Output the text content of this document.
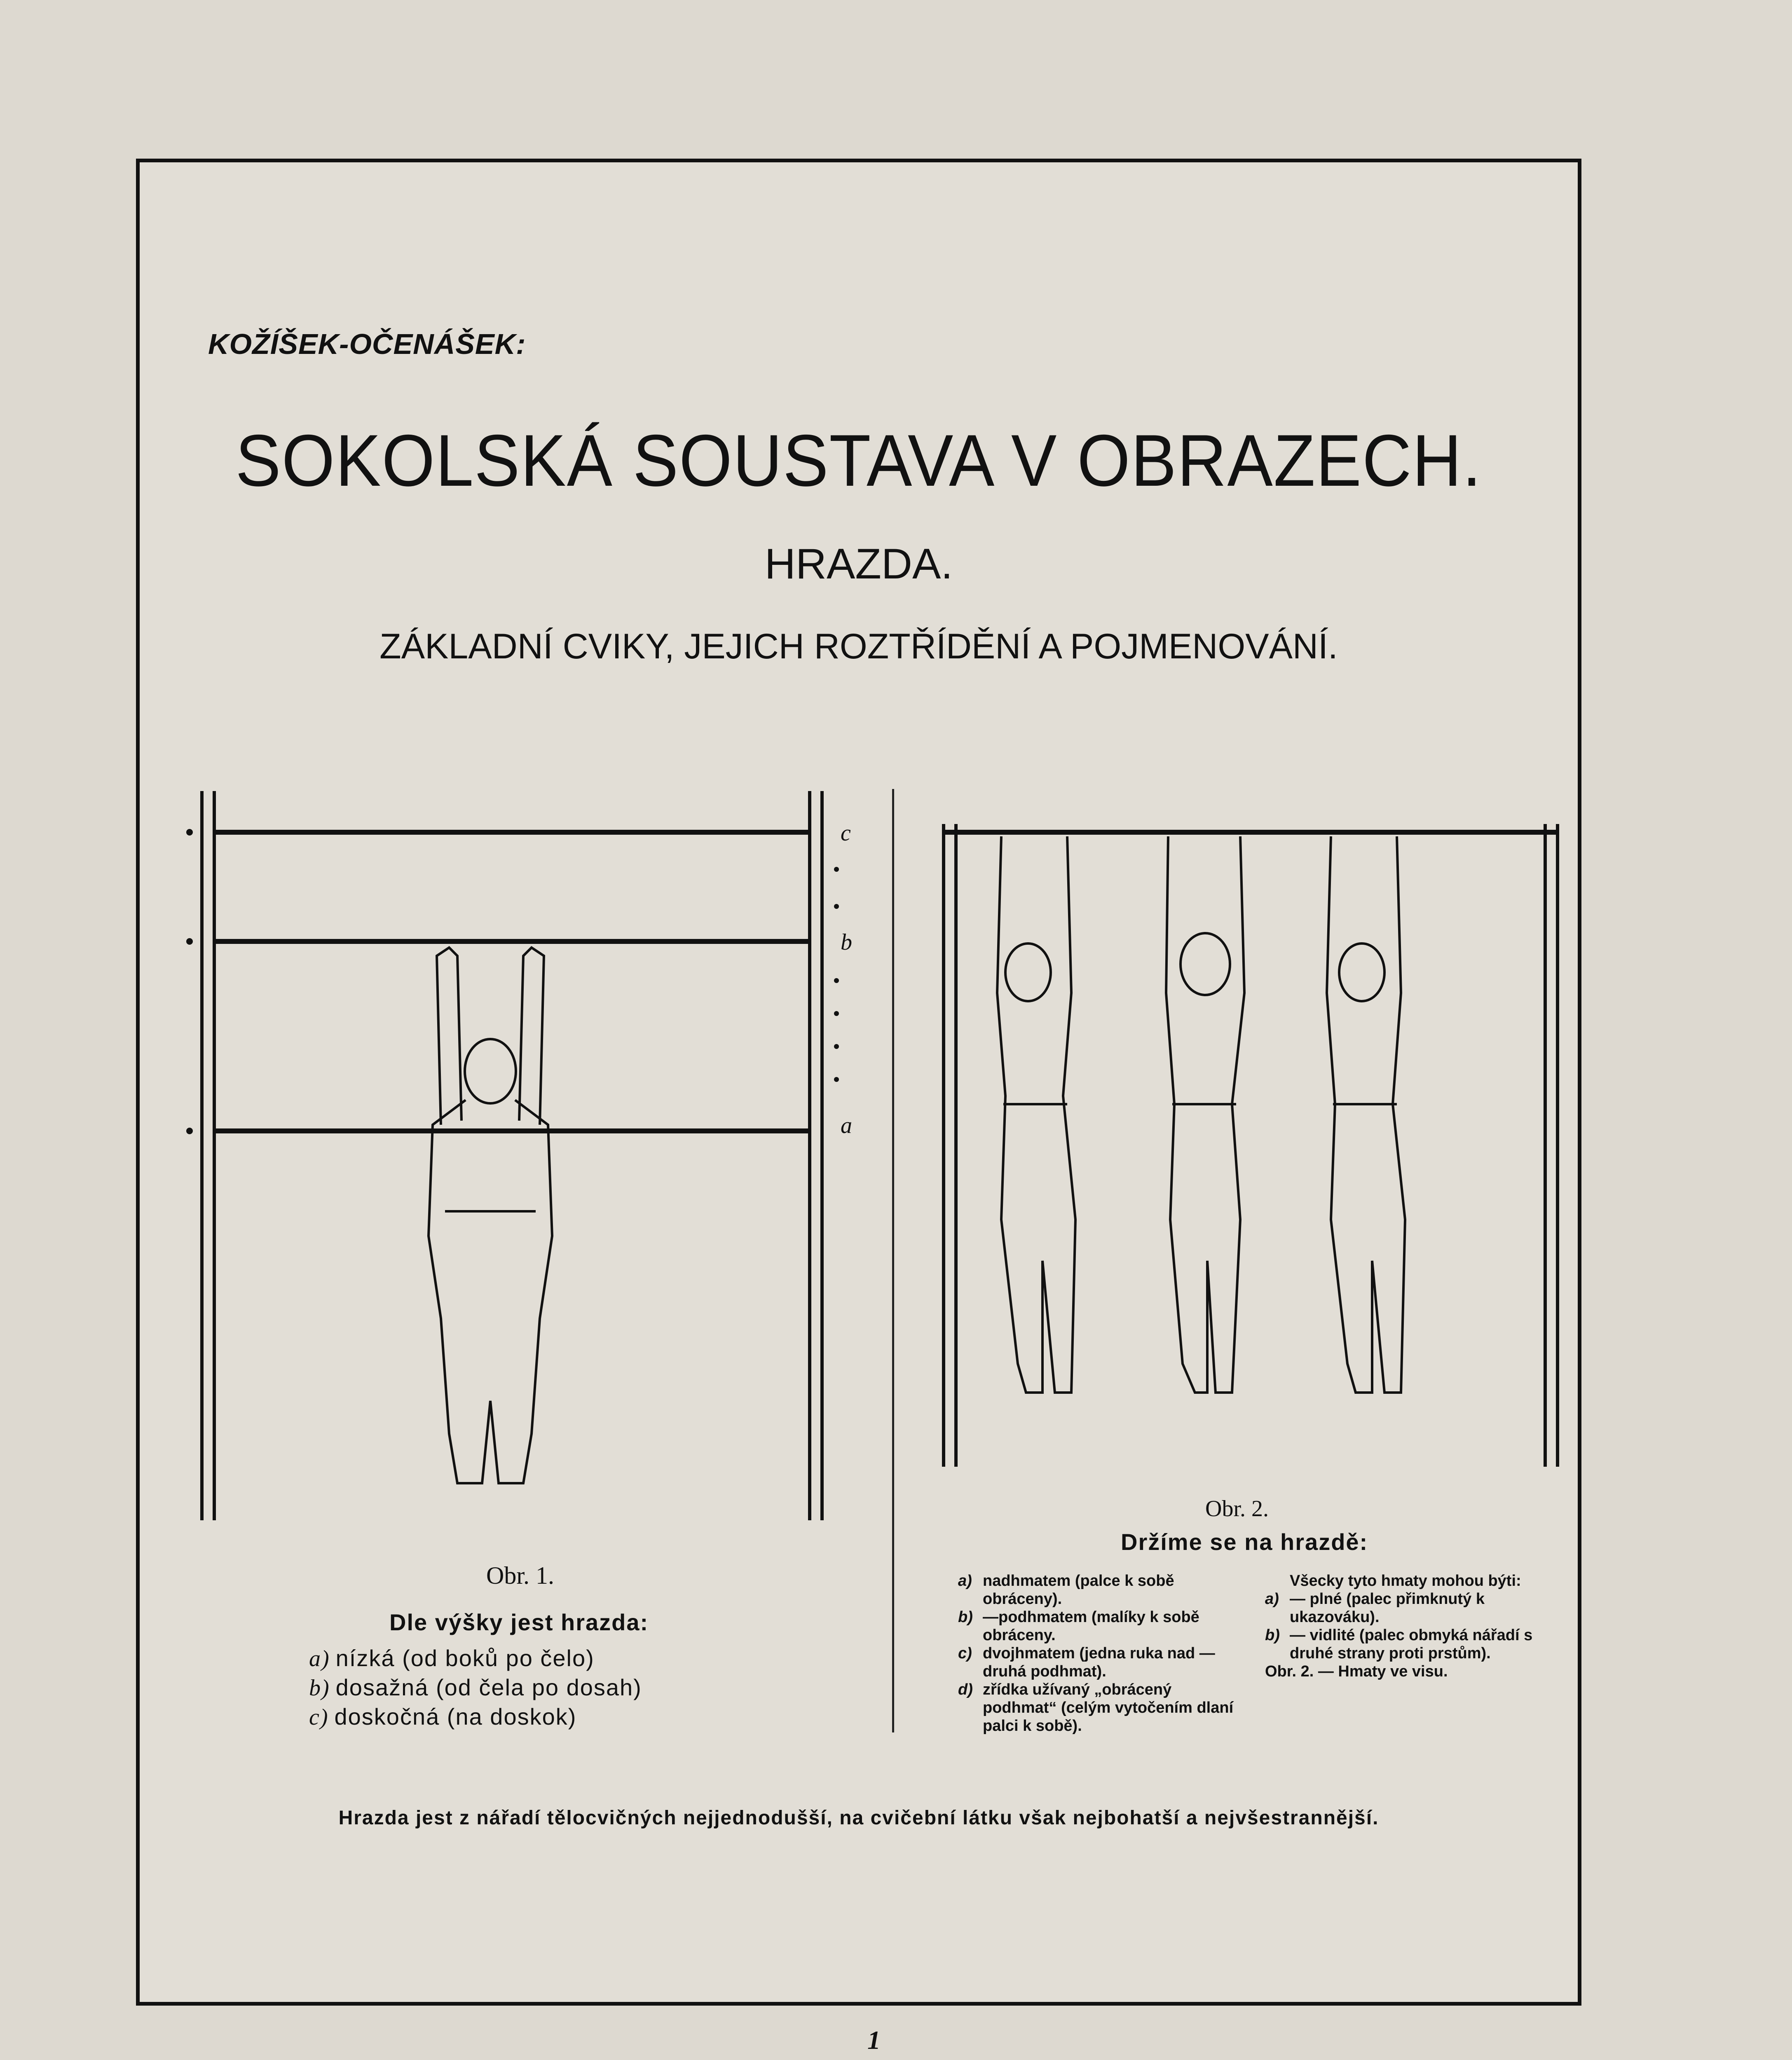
KOŽÍŠEK-OČENÁŠEK:
SOKOLSKÁ SOUSTAVA V OBRAZECH.
HRAZDA.
ZÁKLADNÍ CVIKY, JEJICH ROZTŘÍDĚNÍ A POJMENOVÁNÍ.
c
b
a
Obr. 1.
Dle výšky jest hrazda:
a) nízká (od boků po čelo)
b) dosažná (od čela po dosah)
c) doskočná (na doskok)
Obr. 2.
Držíme se na hrazdě:
a) nadhmatem (palce k sobě obráceny).
b) —podhmatem (malíky k sobě obráceny.
c) dvojhmatem (jedna ruka nad — druhá podhmat).
d) zřídka užívaný „obrácený podhmat“ (celým vytočením dlaní palci k sobě).
Všecky tyto hmaty mohou býti:
a) — plné (palec přimknutý k ukazováku).
b) — vidlité (palec obmyká nářadí s druhé strany proti prstům).
Obr. 2. — Hmaty ve visu.
Hrazda jest z nářadí tělocvičných nejjednodušší, na cvičební látku však nejbohatší a nejvšestrannější.
1
